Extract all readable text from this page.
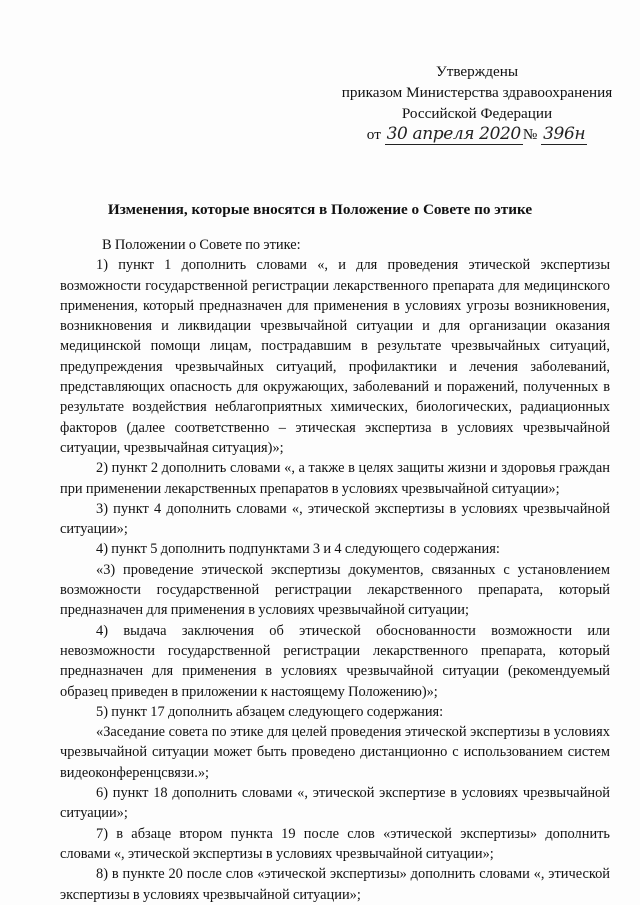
Утверждены
приказом Министерства здравоохранения
Российской Федерации
от 30 апреля 2020 № 396н
Изменения, которые вносятся в Положение о Совете по этике

В Положении о Совете по этике:

1) пункт 1 дополнить словами «, и для проведения этической экспертизы возможности государственной регистрации лекарственного препарата для медицинского применения, который предназначен для применения в условиях угрозы возникновения, возникновения и ликвидации чрезвычайной ситуации и для организации оказания медицинской помощи лицам, пострадавшим в результате чрезвычайных ситуаций, предупреждения чрезвычайных ситуаций, профилактики и лечения заболеваний, представляющих опасность для окружающих, заболеваний и поражений, полученных в результате воздействия неблагоприятных химических, биологических, радиационных факторов (далее соответственно – этическая экспертиза в условиях чрезвычайной ситуации, чрезвычайная ситуация)»;

2) пункт 2 дополнить словами «, а также в целях защиты жизни и здоровья граждан при применении лекарственных препаратов в условиях чрезвычайной ситуации»;

3) пункт 4 дополнить словами «, этической экспертизы в условиях чрезвычайной ситуации»;

4) пункт 5 дополнить подпунктами 3 и 4 следующего содержания:

«3) проведение этической экспертизы документов, связанных с установлением возможности государственной регистрации лекарственного препарата, который предназначен для применения в условиях чрезвычайной ситуации;

4) выдача заключения об этической обоснованности возможности или невозможности государственной регистрации лекарственного препарата, который предназначен для применения в условиях чрезвычайной ситуации (рекомендуемый образец приведен в приложении к настоящему Положению)»;

5) пункт 17 дополнить абзацем следующего содержания:

«Заседание совета по этике для целей проведения этической экспертизы в условиях чрезвычайной ситуации может быть проведено дистанционно с использованием систем видеоконференцсвязи.»;

6) пункт 18 дополнить словами «, этической экспертизе в условиях чрезвычайной ситуации»;

7) в абзаце втором пункта 19 после слов «этической экспертизы» дополнить словами «, этической экспертизы в условиях чрезвычайной ситуации»;

8) в пункте 20 после слов «этической экспертизы» дополнить словами «, этической экспертизы в условиях чрезвычайной ситуации»;
